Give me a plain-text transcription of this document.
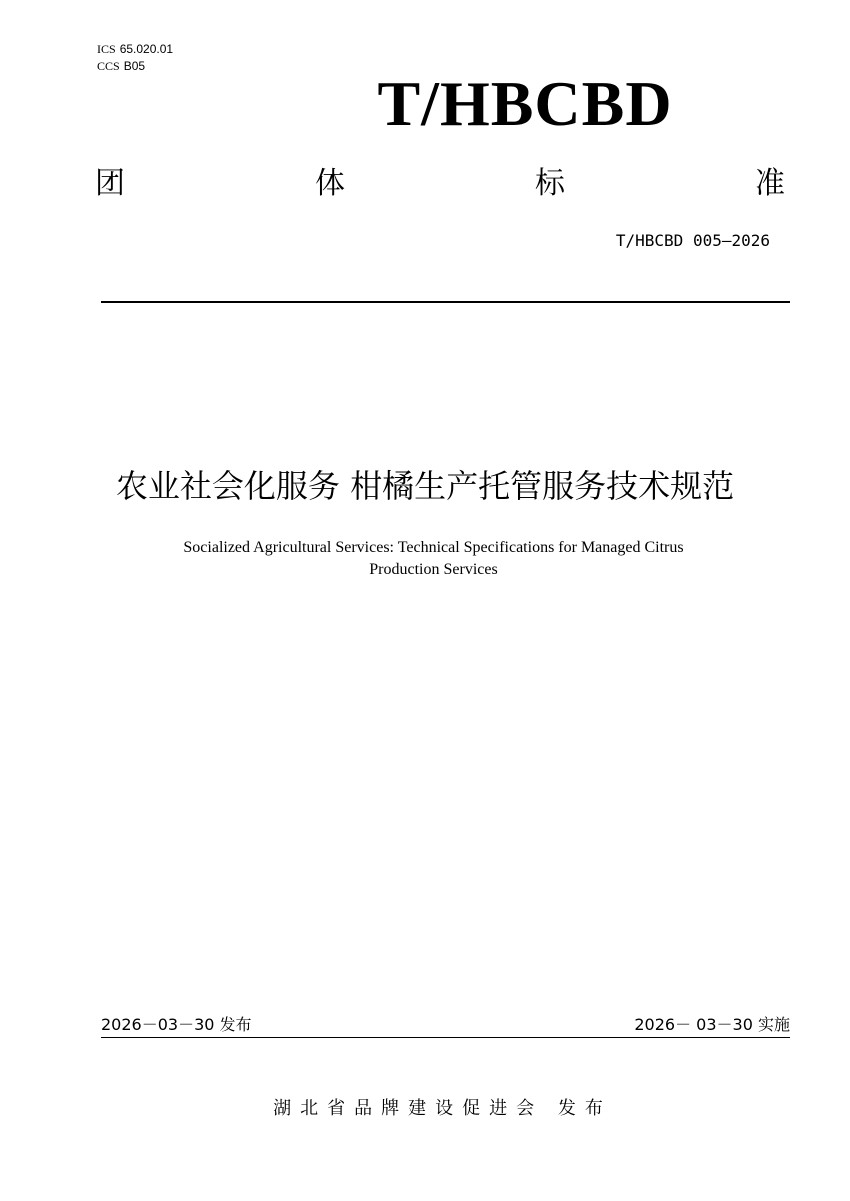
ICS 65.020.01
CCS B05
T/HBCBD
团	体	标	准
T/HBCBD 005—2026
农业社会化服务 柑橘生产托管服务技术规范
Socialized Agricultural Services: Technical Specifications for Managed Citrus
Production Services
2026－03－30 发布	2026－ 03－30 实施
湖北省品牌建设促进会 发布
